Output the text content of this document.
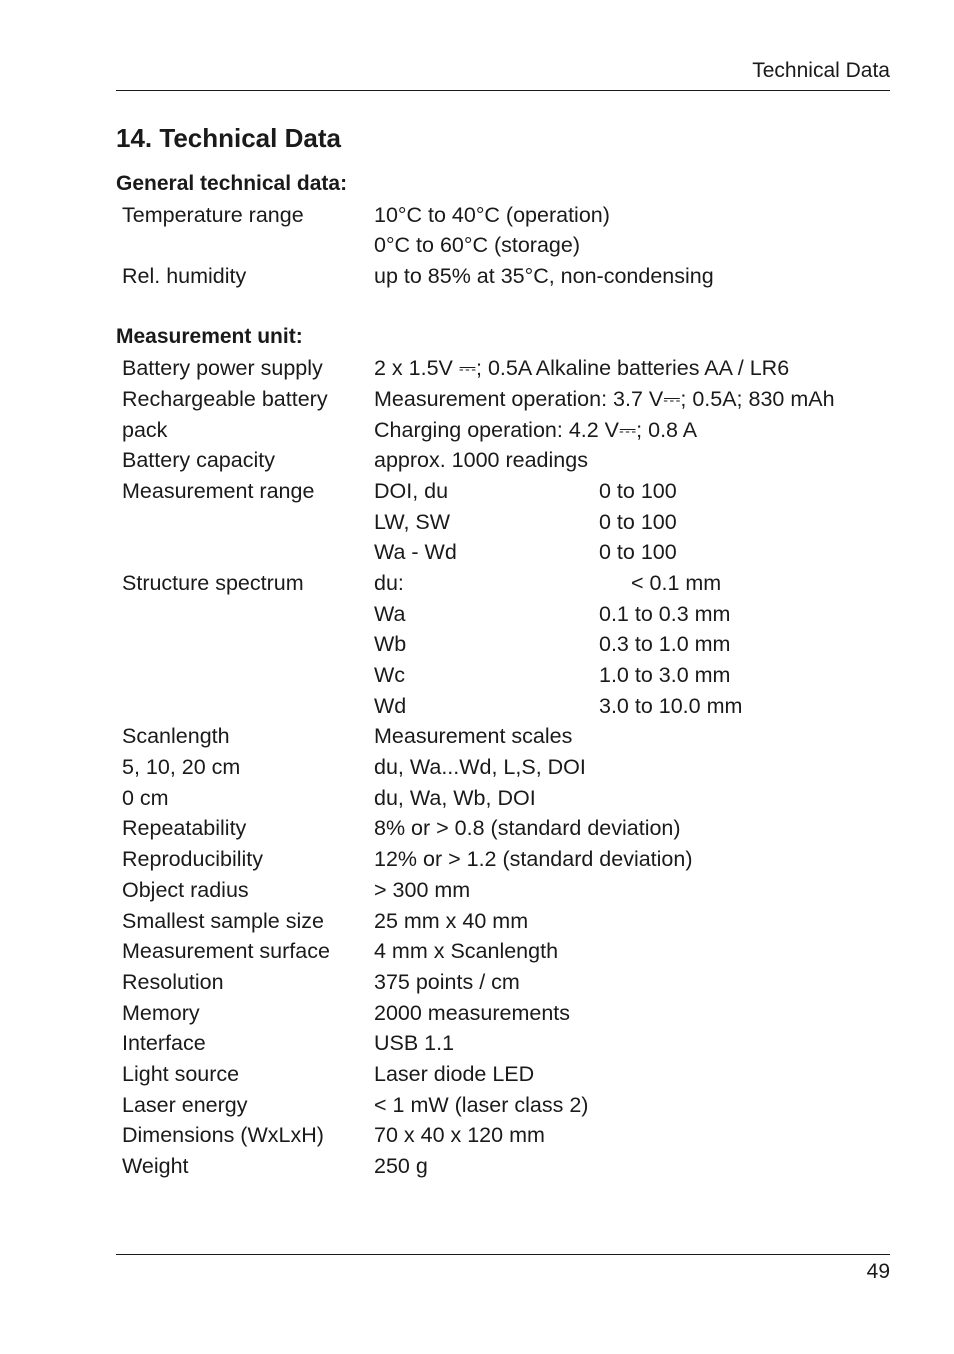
Technical Data
14. Technical Data
General technical data:
Temperature range	10°C to 40°C (operation)
0°C to 60°C (storage)
Rel. humidity	up to 85% at 35°C, non-condensing
Measurement unit:
Battery power supply 2 x 1.5V ⎓; 0.5A Alkaline batteries AA / LR6
Rechargeable battery Measurement operation: 3.7 V⎓; 0.5A; 830 mAh
pack	Charging operation: 4.2 V⎓; 0.8 A
Battery capacity	approx. 1000 readings
Measurement range	DOI, du	0 to 100
LW, SW	0 to 100
Wa - Wd	0 to 100
Structure spectrum	du:	< 0.1 mm
Wa	0.1 to 0.3 mm
Wb	0.3 to 1.0 mm
Wc	1.0 to 3.0 mm
Wd	3.0 to 10.0 mm
Scanlength	Measurement scales
5, 10, 20 cm	du, Wa...Wd, L,S, DOI
0 cm	du, Wa, Wb, DOI
Repeatability	8% or > 0.8 (standard deviation)
Reproducibility	12% or > 1.2 (standard deviation)
Object radius	> 300 mm
Smallest sample size 25 mm x 40 mm
Measurement surface 4 mm x Scanlength
Resolution	375 points / cm
Memory	2000 measurements
Interface	USB 1.1
Light source	Laser diode LED
Laser energy	< 1 mW (laser class 2)
Dimensions (WxLxH) 70 x 40 x 120 mm
Weight	250 g
49
